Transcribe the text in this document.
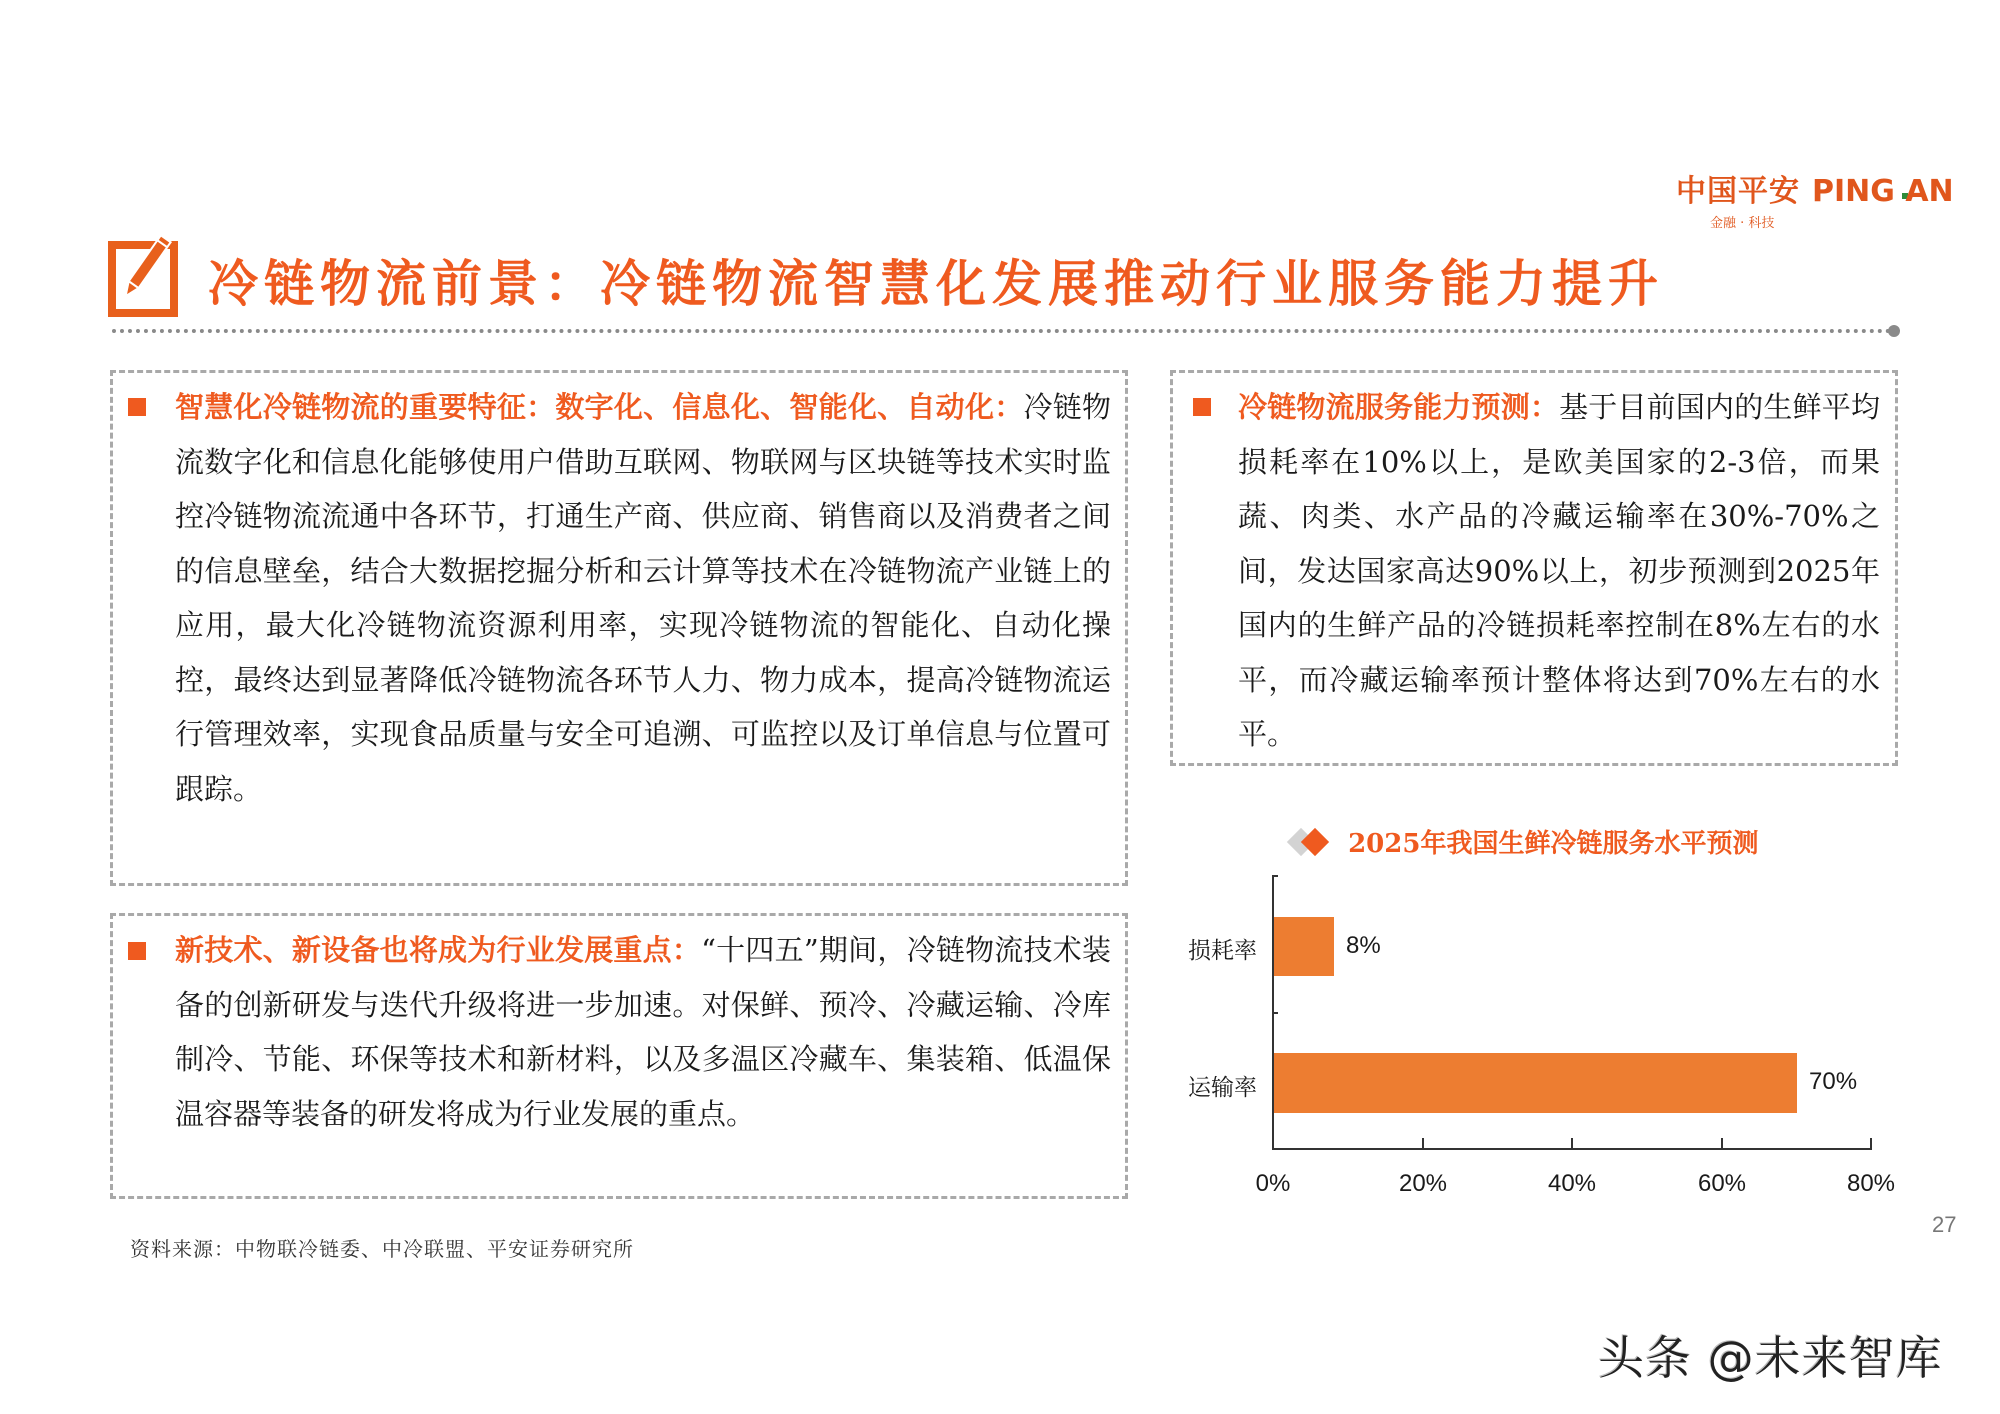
中国平安 PING AN
金融 · 科技
冷链物流前景：冷链物流智慧化发展推动行业服务能力提升
智慧化冷链物流的重要特征：数字化、信息化、智能化、自动化：冷链物流数字化和信息化能够使用户借助互联网、物联网与区块链等技术实时监控冷链物流流通中各环节，打通生产商、供应商、销售商以及消费者之间的信息壁垒，结合大数据挖掘分析和云计算等技术在冷链物流产业链上的应用，最大化冷链物流资源利用率，实现冷链物流的智能化、自动化操控，最终达到显著降低冷链物流各环节人力、物力成本，提高冷链物流运行管理效率，实现食品质量与安全可追溯、可监控以及订单信息与位置可跟踪。
新技术、新设备也将成为行业发展重点：“十四五”期间，冷链物流技术装备的创新研发与迭代升级将进一步加速。对保鲜、预冷、冷藏运输、冷库制冷、节能、环保等技术和新材料，以及多温区冷藏车、集装箱、低温保温容器等装备的研发将成为行业发展的重点。
冷链物流服务能力预测：基于目前国内的生鲜平均损耗率在10%以上，是欧美国家的2-3倍，而果蔬、肉类、水产品的冷藏运输率在30%-70%之间，发达国家高达90%以上，初步预测到2025年国内的生鲜产品的冷链损耗率控制在8%左右的水平，而冷藏运输率预计整体将达到70%左右的水平。
2025年我国生鲜冷链服务水平预测
8%
70%
损耗率
运输率
0%	20%	40%	60%	80%
资料来源：中物联冷链委、中冷联盟、平安证券研究所
27
头条 @未来智库
